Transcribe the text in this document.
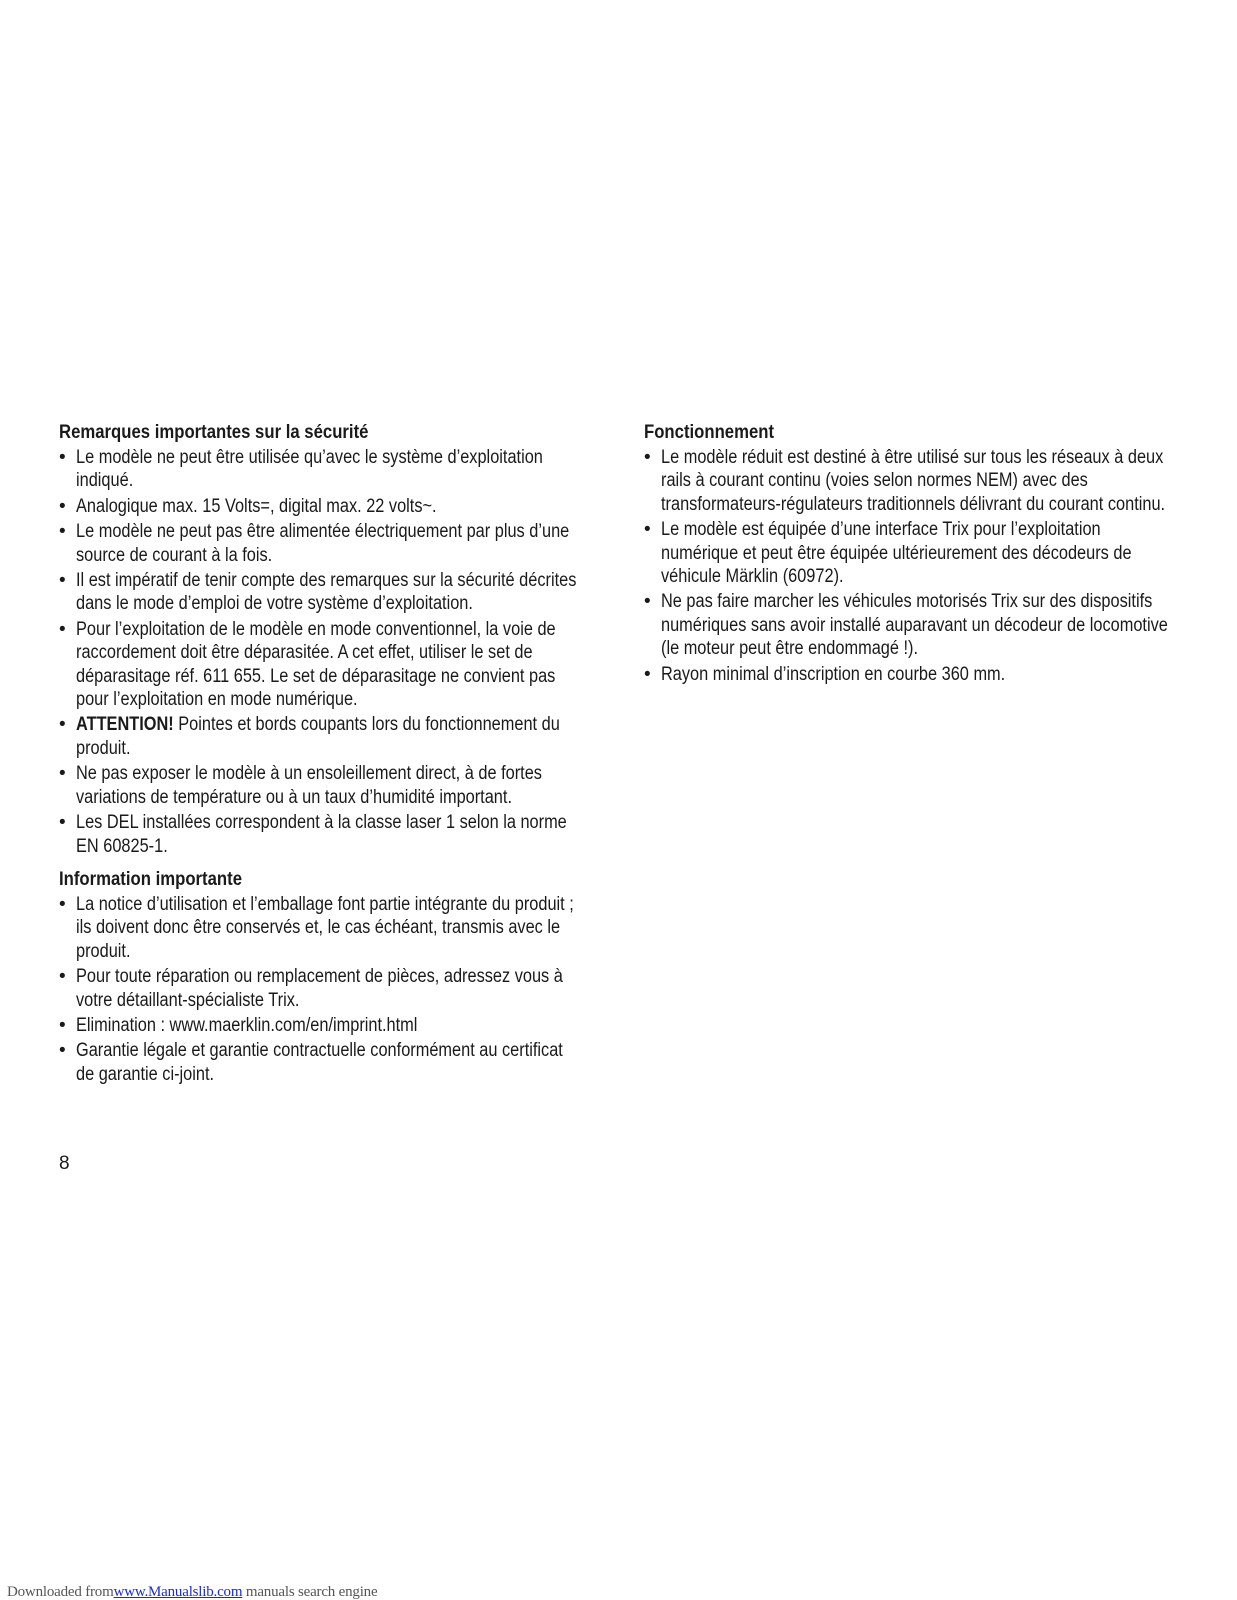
Remarques importantes sur la sécurité
• Le modèle ne peut être utilisée qu’avec le système d’exploitation indiqué.
• Analogique max. 15 Volts=, digital max. 22 volts~.
• Le modèle ne peut pas être alimentée électriquement par plus d’une source de courant à la fois.
• Il est impératif de tenir compte des remarques sur la sécurité décrites dans le mode d’emploi de votre système d’exploitation.
• Pour l’exploitation de le modèle en mode conventionnel, la voie de raccordement doit être déparasitée. A cet effet, utiliser le set de déparasitage réf. 611 655. Le set de déparasitage ne convient pas pour l’exploitation en mode numérique.
• ATTENTION! Pointes et bords coupants lors du fonctionnement du produit.
• Ne pas exposer le modèle à un ensoleillement direct, à de fortes variations de température ou à un taux d’humidité important.
• Les DEL installées correspondent à la classe laser 1 selon la norme EN 60825-1.
Information importante
• La notice d’utilisation et l’emballage font partie intégrante du produit ; ils doivent donc être conservés et, le cas échéant, transmis avec le produit.
• Pour toute réparation ou remplacement de pièces, adressez vous à votre détaillant-spécialiste Trix.
• Elimination : www.maerklin.com/en/imprint.html
• Garantie légale et garantie contractuelle conformément au certificat de garantie ci-joint.
Fonctionnement
• Le modèle réduit est destiné à être utilisé sur tous les réseaux à deux rails à courant continu (voies selon normes NEM) avec des transformateurs-régulateurs traditionnels délivrant du courant continu.
• Le modèle est équipée d’une interface Trix pour l’exploitation numérique et peut être équipée ultérieurement des décodeurs de véhicule Märklin (60972).
• Ne pas faire marcher les véhicules motorisés Trix sur des dispositifs numériques sans avoir installé auparavant un décodeur de locomotive (le moteur peut être endommagé !).
• Rayon minimal d’inscription en courbe 360 mm.
8
Downloaded fromwww.Manualslib.com manuals search engine
